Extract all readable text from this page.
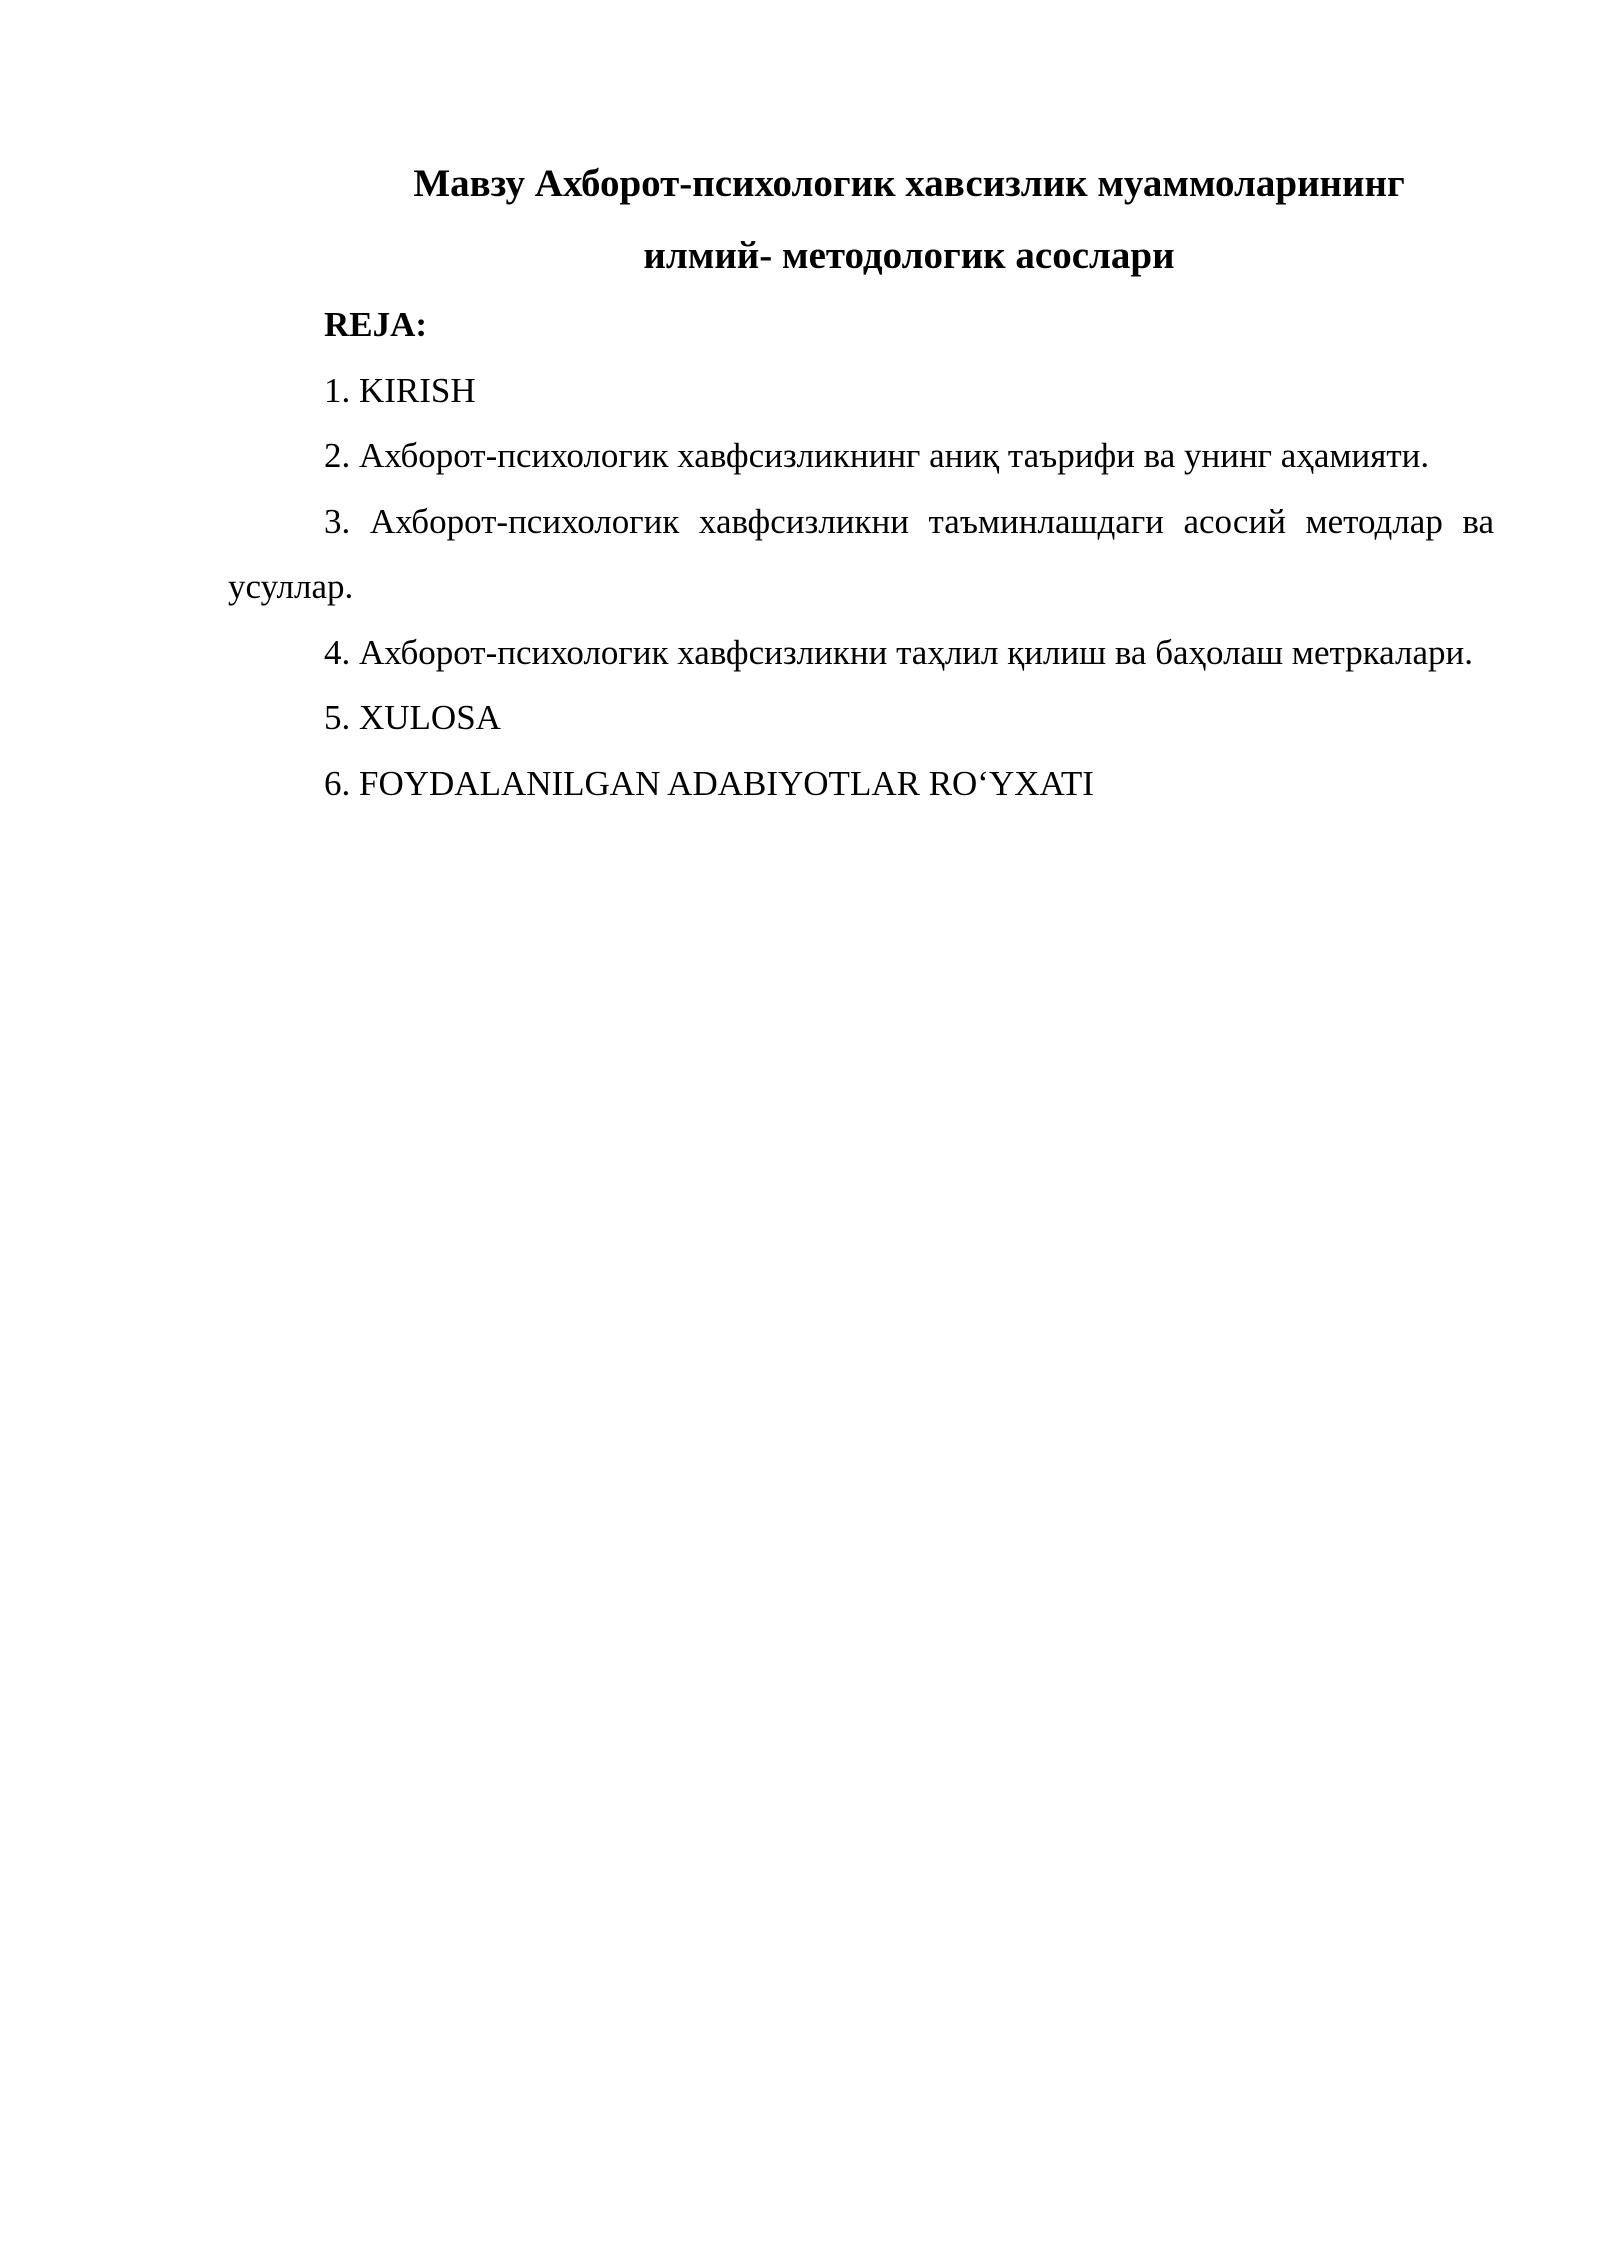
Мавзу Ахборот-психологик хавсизлик муаммоларининг
илмий- методологик асослари

REJA:

1. KIRISH

2. Ахборот-психологик хавфсизликнинг аниқ таърифи ва унинг аҳамияти.

3. Ахборот-психологик хавфсизликни таъминлашдаги асосий методлар ва усуллар.

4. Ахборот-психологик хавфсизликни таҳлил қилиш ва баҳолаш метркалари.

5. XULOSA

6. FOYDALANILGAN ADABIYOTLAR RO‘YXATI
